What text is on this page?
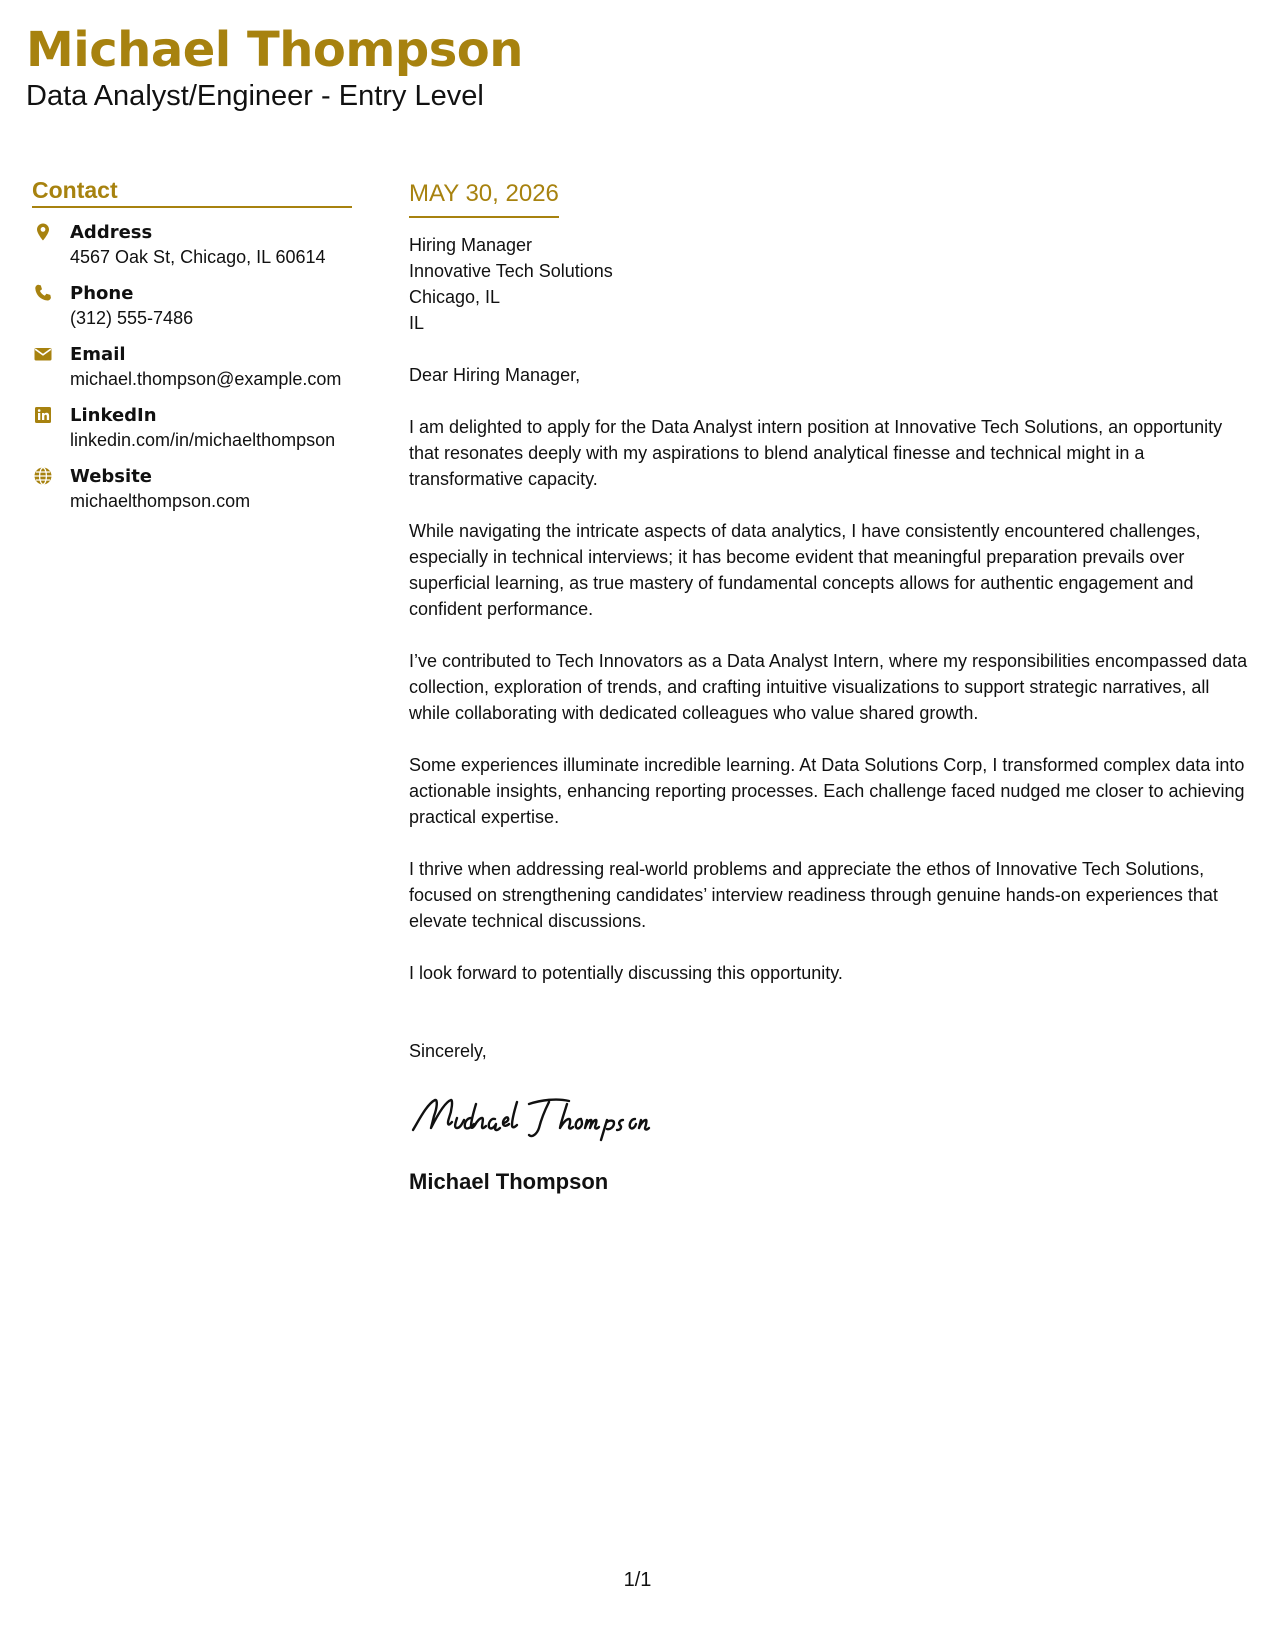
Michael Thompson

Data Analyst/Engineer - Entry Level

Contact
Address
4567 Oak St, Chicago, IL 60614
Phone
(312) 555-7486
Email
michael.thompson@example.com
LinkedIn
linkedin.com/in/michaelthompson
Website
michaelthompson.com
MAY 30, 2026
Hiring Manager
Innovative Tech Solutions
Chicago, IL
IL
Dear Hiring Manager,

I am delighted to apply for the Data Analyst intern position at Innovative Tech Solutions, an opportunity that resonates deeply with my aspirations to blend analytical finesse and technical might in a transformative capacity.

While navigating the intricate aspects of data analytics, I have consistently encountered challenges, especially in technical interviews; it has become evident that meaningful preparation prevails over superficial learning, as true mastery of fundamental concepts allows for authentic engagement and confident performance.

I’ve contributed to Tech Innovators as a Data Analyst Intern, where my responsibilities encompassed data collection, exploration of trends, and crafting intuitive visualizations to support strategic narratives, all while collaborating with dedicated colleagues who value shared growth.

Some experiences illuminate incredible learning. At Data Solutions Corp, I transformed complex data into actionable insights, enhancing reporting processes. Each challenge faced nudged me closer to achieving practical expertise.

I thrive when addressing real-world problems and appreciate the ethos of Innovative Tech Solutions, focused on strengthening candidates’ interview readiness through genuine hands-on experiences that elevate technical discussions.

I look forward to potentially discussing this opportunity.

Sincerely,
Michael Thompson
1/1
